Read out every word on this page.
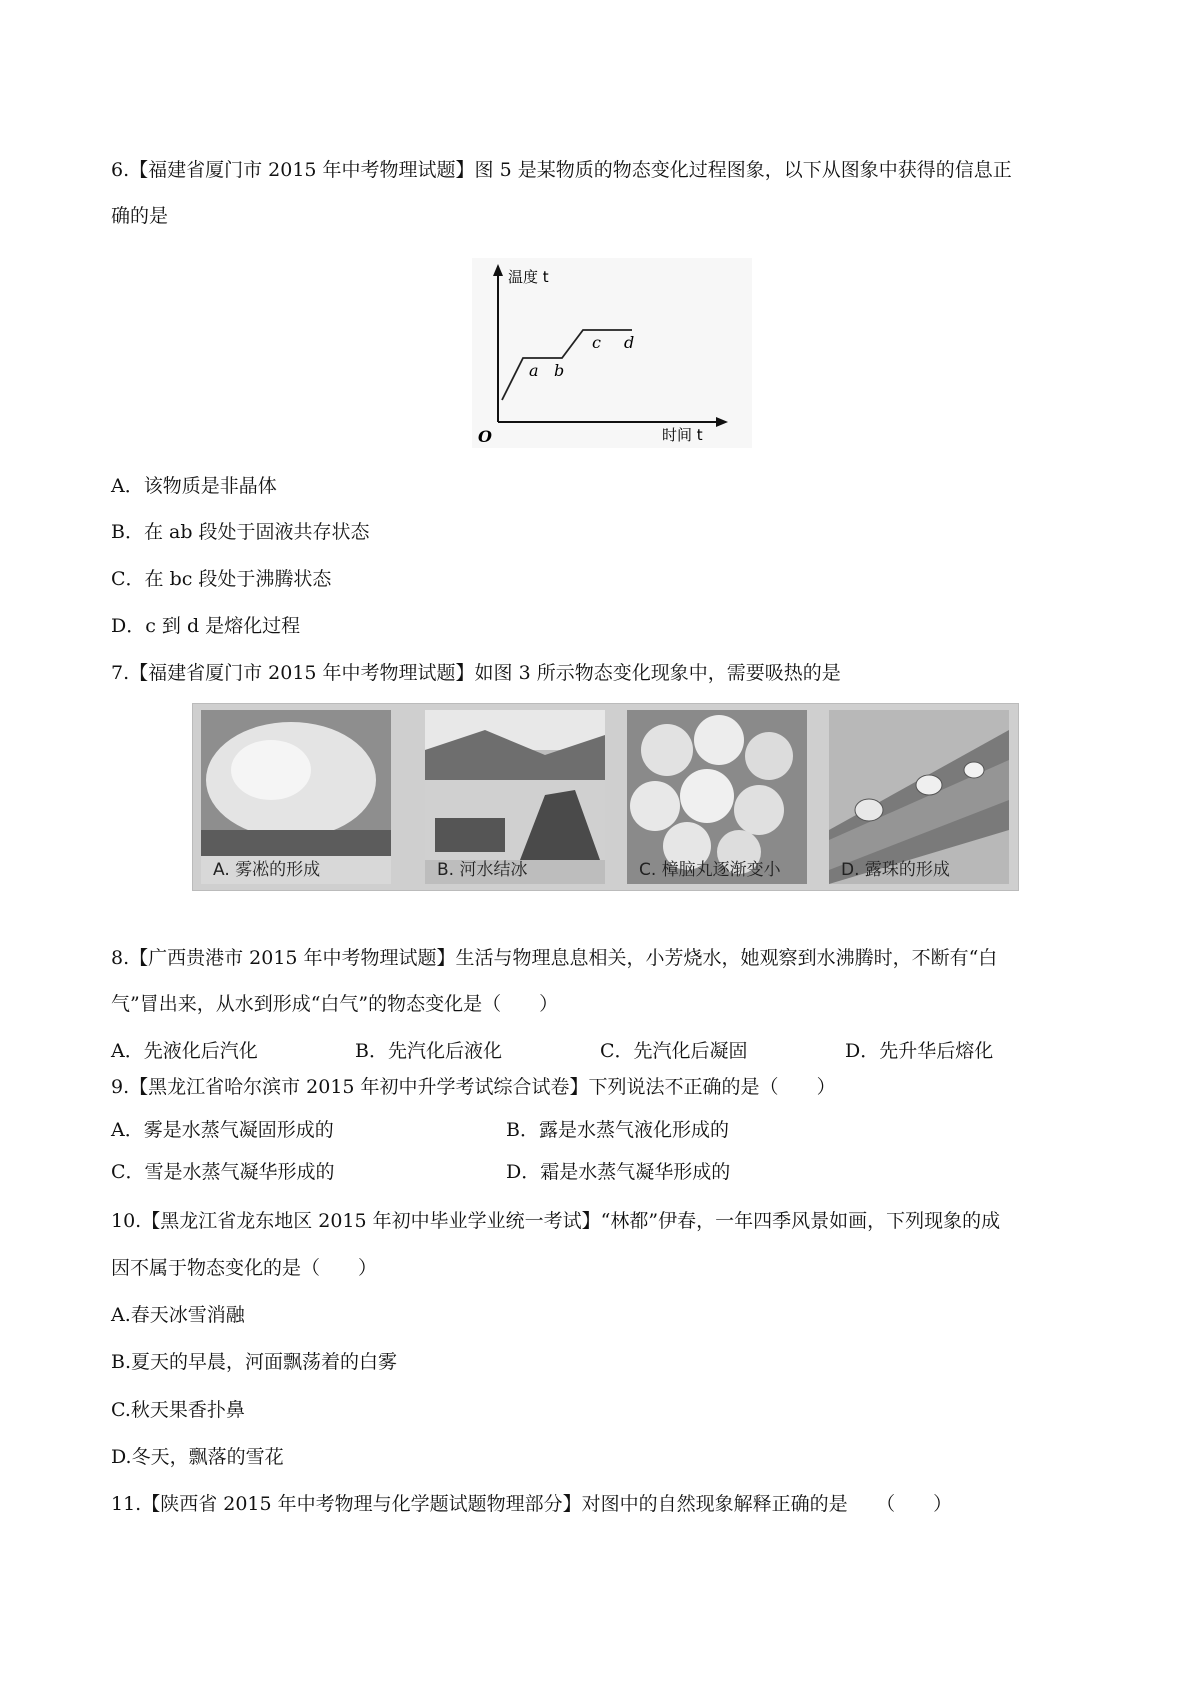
6.【福建省厦门市 2015 年中考物理试题】图 5 是某物质的物态变化过程图象，以下从图象中获得的信息正
确的是
温度 t
时间 t
O
a b
c d
A．该物质是非晶体
B．在 ab 段处于固液共存状态
C．在 bc 段处于沸腾状态
D．c 到 d 是熔化过程
7.【福建省厦门市 2015 年中考物理试题】如图 3 所示物态变化现象中，需要吸热的是
A. 雾凇的形成	B. 河水结冰	C. 樟脑丸逐渐变小	D. 露珠的形成
8.【广西贵港市 2015 年中考物理试题】生活与物理息息相关，小芳烧水，她观察到水沸腾时，不断有“白
气”冒出来，从水到形成“白气”的物态变化是（　　）
A．先液化后汽化	B．先汽化后液化	C．先汽化后凝固	D．先升华后熔化
9.【黑龙江省哈尔滨市 2015 年初中升学考试综合试卷】下列说法不正确的是（　　）
A．雾是水蒸气凝固形成的	B．露是水蒸气液化形成的
C．雪是水蒸气凝华形成的	D．霜是水蒸气凝华形成的
10.【黑龙江省龙东地区 2015 年初中毕业学业统一考试】“林都”伊春，一年四季风景如画，下列现象的成
因不属于物态变化的是（　　）
A.春天冰雪消融
B.夏天的早晨，河面飘荡着的白雾
C.秋天果香扑鼻
D.冬天，飘落的雪花
11.【陕西省 2015 年中考物理与化学题试题物理部分】对图中的自然现象解释正确的是　　（　　）
